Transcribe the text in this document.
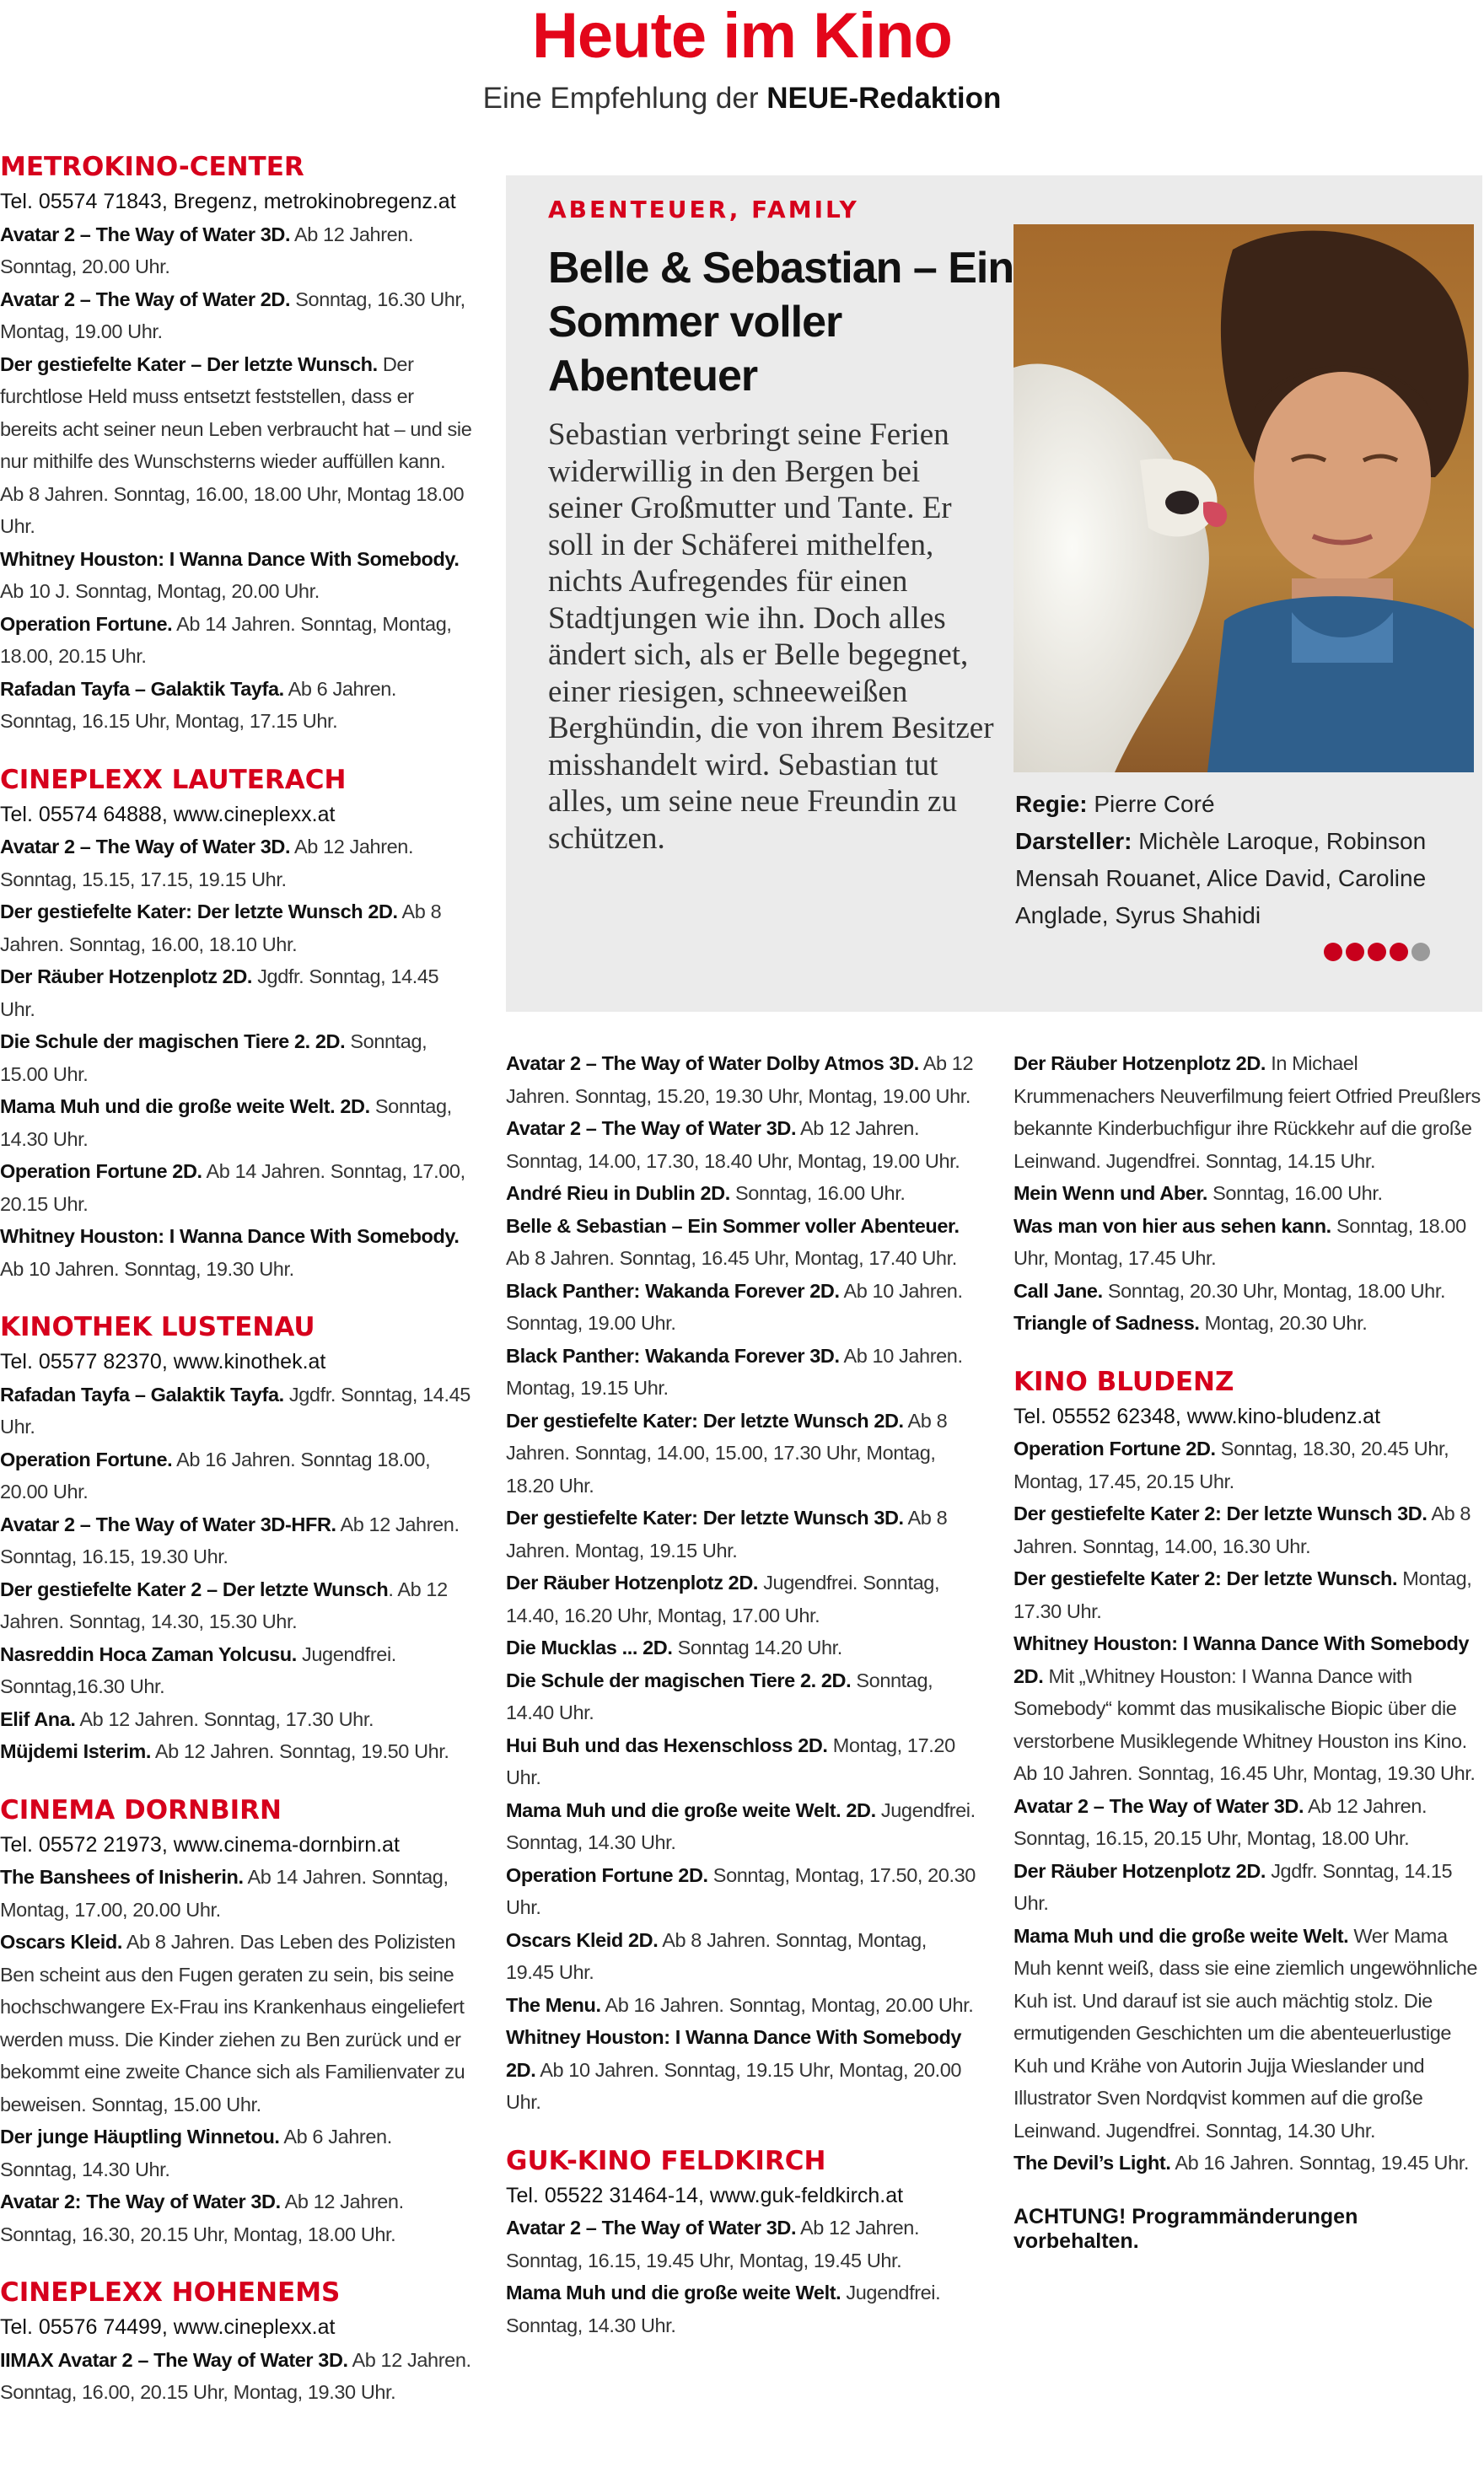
Heute im Kino
Eine Empfehlung der NEUE-Redaktion
METROKINO-CENTER
Tel. 05574 71843, Bregenz, metrokinobregenz.at
Avatar 2 – The Way of Water 3D. Ab 12 Jahren. Sonntag, 20.00 Uhr.
Avatar 2 – The Way of Water 2D. Sonntag, 16.30 Uhr, Montag, 19.00 Uhr.
Der gestiefelte Kater – Der letzte Wunsch. Der furchtlose Held muss entsetzt feststellen, dass er bereits acht seiner neun Leben verbraucht hat – und sie nur mithilfe des Wunschsterns wieder auffüllen kann. Ab 8 Jahren. Sonntag, 16.00, 18.00 Uhr, Montag 18.00 Uhr.
Whitney Houston: I Wanna Dance With Somebody. Ab 10 J. Sonntag, Montag, 20.00 Uhr.
Operation Fortune. Ab 14 Jahren. Sonntag, Montag, 18.00, 20.15 Uhr.
Rafadan Tayfa – Galaktik Tayfa. Ab 6 Jahren. Sonntag, 16.15 Uhr, Montag, 17.15 Uhr.
CINEPLEXX LAUTERACH
Tel. 05574 64888, www.cineplexx.at
Avatar 2 – The Way of Water 3D. Ab 12 Jahren. Sonntag, 15.15, 17.15, 19.15 Uhr.
Der gestiefelte Kater: Der letzte Wunsch 2D. Ab 8 Jahren. Sonntag, 16.00, 18.10 Uhr.
Der Räuber Hotzenplotz 2D. Jgdfr. Sonntag, 14.45 Uhr.
Die Schule der magischen Tiere 2. 2D. Sonntag, 15.00 Uhr.
Mama Muh und die große weite Welt. 2D. Sonntag, 14.30 Uhr.
Operation Fortune 2D. Ab 14 Jahren. Sonntag, 17.00, 20.15 Uhr.
Whitney Houston: I Wanna Dance With Somebody. Ab 10 Jahren. Sonntag, 19.30 Uhr.
KINOTHEK LUSTENAU
Tel. 05577 82370, www.kinothek.at
Rafadan Tayfa – Galaktik Tayfa. Jgdfr. Sonntag, 14.45 Uhr.
Operation Fortune. Ab 16 Jahren. Sonntag 18.00, 20.00 Uhr.
Avatar 2 – The Way of Water 3D-HFR. Ab 12 Jahren. Sonntag, 16.15, 19.30 Uhr.
Der gestiefelte Kater 2 – Der letzte Wunsch. Ab 12 Jahren. Sonntag, 14.30, 15.30 Uhr.
Nasreddin Hoca Zaman Yolcusu. Jugendfrei. Sonntag,16.30 Uhr.
Elif Ana. Ab 12 Jahren. Sonntag, 17.30 Uhr.
Müjdemi Isterim. Ab 12 Jahren. Sonntag, 19.50 Uhr.
CINEMA DORNBIRN
Tel. 05572 21973, www.cinema-dornbirn.at
The Banshees of Inisherin. Ab 14 Jahren. Sonntag, Montag, 17.00, 20.00 Uhr.
Oscars Kleid. Ab 8 Jahren. Das Leben des Polizisten Ben scheint aus den Fugen geraten zu sein, bis seine hochschwangere Ex-Frau ins Krankenhaus eingeliefert werden muss. Die Kinder ziehen zu Ben zurück und er bekommt eine zweite Chance sich als Familienvater zu beweisen. Sonntag, 15.00 Uhr.
Der junge Häuptling Winnetou. Ab 6 Jahren. Sonntag, 14.30 Uhr.
Avatar 2: The Way of Water 3D. Ab 12 Jahren. Sonntag, 16.30, 20.15 Uhr, Montag, 18.00 Uhr.
CINEPLEXX HOHENEMS
Tel. 05576 74499, www.cineplexx.at
IIMAX Avatar 2 – The Way of Water 3D. Ab 12 Jahren. Sonntag, 16.00, 20.15 Uhr, Montag, 19.30 Uhr.
ABENTEUER, FAMILY
Belle & Sebastian – Ein Sommer voller Abenteuer
Sebastian verbringt seine Ferien widerwillig in den Bergen bei seiner Großmutter und Tante. Er soll in der Schäferei mithelfen, nichts Aufregendes für einen Stadtjungen wie ihn. Doch alles ändert sich, als er Belle begegnet, einer riesigen, schneeweißen Berghündin, die von ihrem Besitzer misshandelt wird. Sebastian tut alles, um seine neue Freundin zu schützen.
Regie: Pierre Coré
Darsteller: Michèle Laroque, Robinson Mensah Rouanet, Alice David, Caroline Anglade, Syrus Shahidi
Avatar 2 – The Way of Water Dolby Atmos 3D. Ab 12 Jahren. Sonntag, 15.20, 19.30 Uhr, Montag, 19.00 Uhr.
Avatar 2 – The Way of Water 3D. Ab 12 Jahren. Sonntag, 14.00, 17.30, 18.40 Uhr, Montag, 19.00 Uhr.
André Rieu in Dublin 2D. Sonntag, 16.00 Uhr.
Belle & Sebastian – Ein Sommer voller Abenteuer. Ab 8 Jahren. Sonntag, 16.45 Uhr, Montag, 17.40 Uhr.
Black Panther: Wakanda Forever 2D. Ab 10 Jahren. Sonntag, 19.00 Uhr.
Black Panther: Wakanda Forever 3D. Ab 10 Jahren. Montag, 19.15 Uhr.
Der gestiefelte Kater: Der letzte Wunsch 2D. Ab 8 Jahren. Sonntag, 14.00, 15.00, 17.30 Uhr, Montag, 18.20 Uhr.
Der gestiefelte Kater: Der letzte Wunsch 3D. Ab 8 Jahren. Montag, 19.15 Uhr.
Der Räuber Hotzenplotz 2D. Jugendfrei. Sonntag, 14.40, 16.20 Uhr, Montag, 17.00 Uhr.
Die Mucklas ... 2D. Sonntag 14.20 Uhr.
Die Schule der magischen Tiere 2. 2D. Sonntag, 14.40 Uhr.
Hui Buh und das Hexenschloss 2D. Montag, 17.20 Uhr.
Mama Muh und die große weite Welt. 2D. Jugendfrei. Sonntag, 14.30 Uhr.
Operation Fortune 2D. Sonntag, Montag, 17.50, 20.30 Uhr.
Oscars Kleid 2D. Ab 8 Jahren. Sonntag, Montag, 19.45 Uhr.
The Menu. Ab 16 Jahren. Sonntag, Montag, 20.00 Uhr.
Whitney Houston: I Wanna Dance With Somebody 2D. Ab 10 Jahren. Sonntag, 19.15 Uhr, Montag, 20.00 Uhr.
GUK-KINO FELDKIRCH
Tel. 05522 31464-14, www.guk-feldkirch.at
Avatar 2 – The Way of Water 3D. Ab 12 Jahren. Sonntag, 16.15, 19.45 Uhr, Montag, 19.45 Uhr.
Mama Muh und die große weite Welt. Jugendfrei. Sonntag, 14.30 Uhr.
Der Räuber Hotzenplotz 2D. In Michael Krummenachers Neuverfilmung feiert Otfried Preußlers bekannte Kinderbuchfigur ihre Rückkehr auf die große Leinwand. Jugendfrei. Sonntag, 14.15 Uhr.
Mein Wenn und Aber. Sonntag, 16.00 Uhr.
Was man von hier aus sehen kann. Sonntag, 18.00 Uhr, Montag, 17.45 Uhr.
Call Jane. Sonntag, 20.30 Uhr, Montag, 18.00 Uhr.
Triangle of Sadness. Montag, 20.30 Uhr.
KINO BLUDENZ
Tel. 05552 62348, www.kino-bludenz.at
Operation Fortune 2D. Sonntag, 18.30, 20.45 Uhr, Montag, 17.45, 20.15 Uhr.
Der gestiefelte Kater 2: Der letzte Wunsch 3D. Ab 8 Jahren. Sonntag, 14.00, 16.30 Uhr.
Der gestiefelte Kater 2: Der letzte Wunsch. Montag, 17.30 Uhr.
Whitney Houston: I Wanna Dance With Somebody 2D. Mit „Whitney Houston: I Wanna Dance with Somebody“ kommt das musikalische Biopic über die verstorbene Musiklegende Whitney Houston ins Kino. Ab 10 Jahren. Sonntag, 16.45 Uhr, Montag, 19.30 Uhr.
Avatar 2 – The Way of Water 3D. Ab 12 Jahren. Sonntag, 16.15, 20.15 Uhr, Montag, 18.00 Uhr.
Der Räuber Hotzenplotz 2D. Jgdfr. Sonntag, 14.15 Uhr.
Mama Muh und die große weite Welt. Wer Mama Muh kennt weiß, dass sie eine ziemlich ungewöhnliche Kuh ist. Und darauf ist sie auch mächtig stolz. Die ermutigenden Geschichten um die abenteuerlustige Kuh und Krähe von Autorin Jujja Wieslander und Illustrator Sven Nordqvist kommen auf die große Leinwand. Jugendfrei. Sonntag, 14.30 Uhr.
The Devil’s Light. Ab 16 Jahren. Sonntag, 19.45 Uhr.
ACHTUNG! Programmänderungen vorbehalten.
